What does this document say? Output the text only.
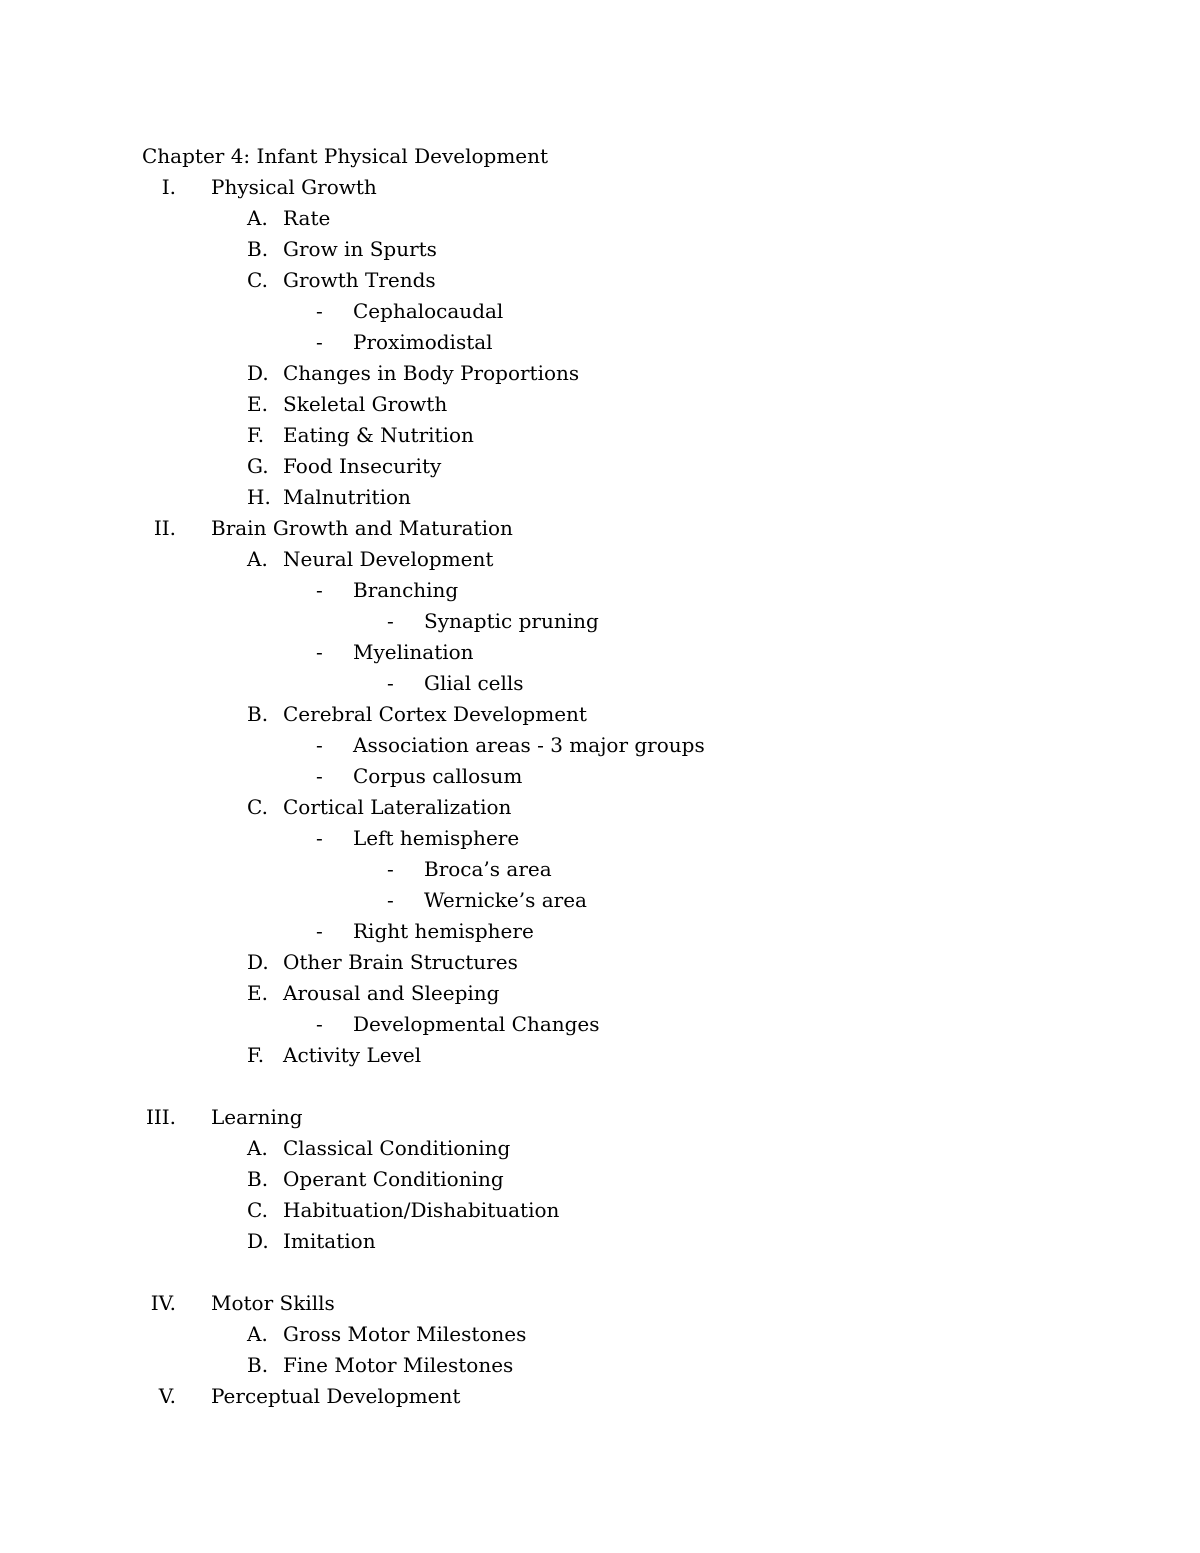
Chapter 4: Infant Physical Development
I. Physical Growth
A. Rate
B. Grow in Spurts
C. Growth Trends
- Cephalocaudal
- Proximodistal
D. Changes in Body Proportions
E. Skeletal Growth
F. Eating & Nutrition
G. Food Insecurity
H. Malnutrition
II. Brain Growth and Maturation
A. Neural Development
- Branching
- Synaptic pruning
- Myelination
- Glial cells
B. Cerebral Cortex Development
- Association areas - 3 major groups
- Corpus callosum
C. Cortical Lateralization
- Left hemisphere
- Broca’s area
- Wernicke’s area
- Right hemisphere
D. Other Brain Structures
E. Arousal and Sleeping
- Developmental Changes
F. Activity Level
III. Learning
A. Classical Conditioning
B. Operant Conditioning
C. Habituation/Dishabituation
D. Imitation
IV. Motor Skills
A. Gross Motor Milestones
B. Fine Motor Milestones
V. Perceptual Development
